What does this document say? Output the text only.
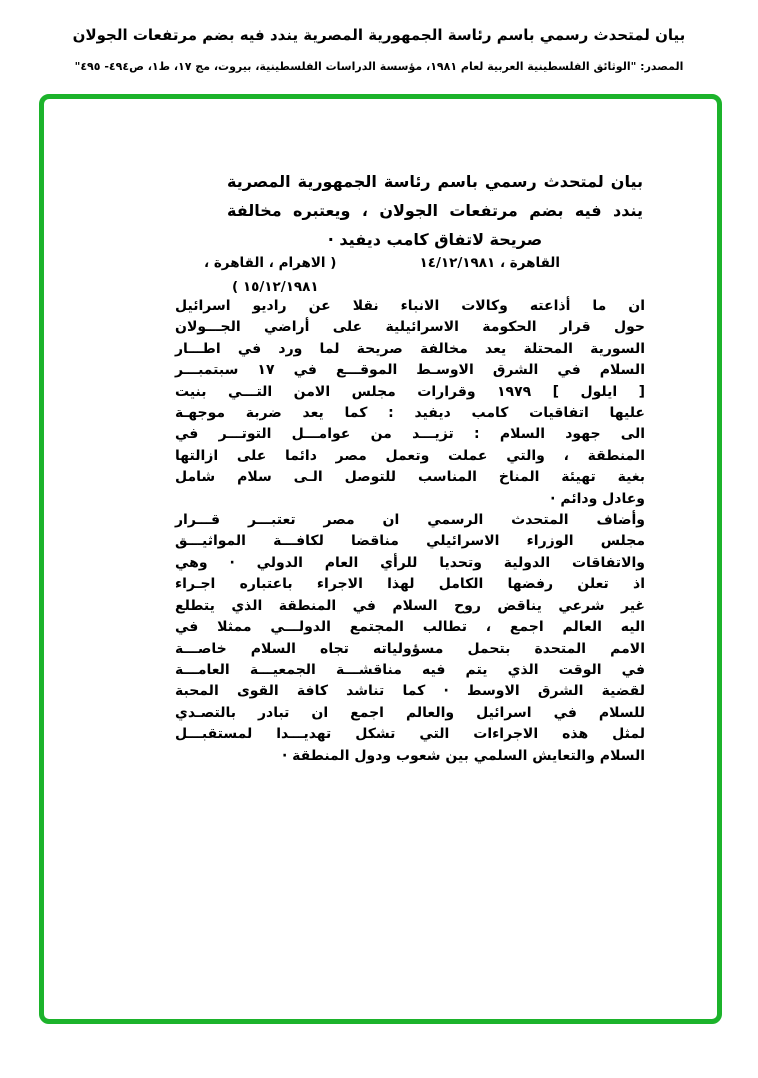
بيان لمتحدث رسمي باسم رئاسة الجمهورية المصرية يندد فيه بضم مرتفعات الجولان
المصدر: "الوثائق الفلسطينية العربية لعام ١٩٨١، مؤسسة الدراسات الفلسطينية، بيروت، مج ١٧، ط١، ص٤٩٤- ٤٩٥"
بيان لمتحدث رسمي باسم رئاسة الجمهورية المصرية
يندد فيه بضم مرتفعات الجولان ، ويعتبره مخالفة
صريحة لاتفاق كامب ديفيد ·
القاهرة ، ١٤/١٢/١٩٨١
( الاهرام ، القاهرة ،
١٥/١٢/١٩٨١ )
ان ما أذاعته وكالات الانباء نقلا عن راديو اسرائيل
حول قرار الحكومة الاسرائيلية على أراضي الجـــولان
السورية المحتلة يعد مخالفة صريحة لما ورد في اطـــار
السلام في الشرق الاوسـط الموقـــع في ١٧ سبتمبـــر
[ ايلول ] ١٩٧٩ وقرارات مجلس الامن التـــي بنيت
عليها اتفاقيات كامب ديفيد : كما يعد ضربة موجهـة
الى جهود السلام : تزيـــد من عوامـــل التوتـــر في
المنطقة ، والتي عملت وتعمل مصر دائما على ازالتها
بغية تهيئة المناخ المناسب للتوصل الـى سلام شامل
وعادل ودائم ·
وأضاف المتحدث الرسمي ان مصر تعتبـــر قـــرار
مجلس الوزراء الاسرائيلي مناقضا لكافـــة المواثيـــق
والاتفاقات الدولية وتحديا للرأي العام الدولي · وهي
اذ تعلن رفضها الكامل لهذا الاجراء باعتباره اجـراء
غير شرعي يناقض روح السلام في المنطقة الذي يتطلع
اليه العالم اجمع ، تطالب المجتمع الدولـــي ممثلا في
الامم المتحدة بتحمل مسؤولياته تجاه السلام خاصـــة
في الوقت الذي يتم فيه مناقشـــة الجمعيـــة العامـــة
لقضية الشرق الاوسط · كما تناشد كافة القوى المحبة
للسلام في اسرائيل والعالم اجمع ان تبادر بالتصـدي
لمثل هذه الاجراءات التي تشكل تهديـــدا لمستقبـــل
السلام والتعايش السلمي بين شعوب ودول المنطقة ·
